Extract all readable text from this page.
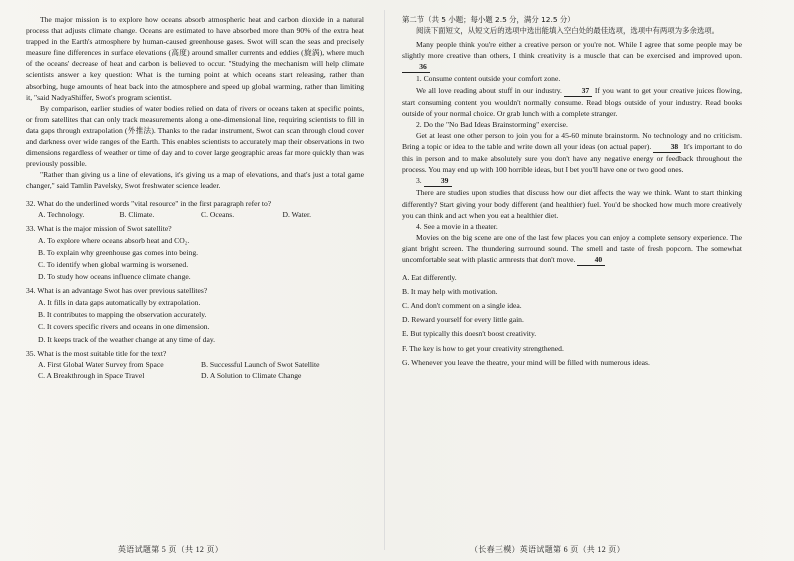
The major mission is to explore how oceans absorb atmospheric heat and carbon dioxide in a natural process that adjusts climate change. Oceans are estimated to have absorbed more than 90% of the extra heat trapped in the Earth's atmosphere by human-caused greenhouse gases. Swot will scan the seas and precisely measure fine differences in surface elevations (高度) around smaller currents and eddies (旋涡), where much of the oceans' decrease of heat and carbon is believed to occur. "Studying the mechanism will help climate scientists answer a key question: What is the turning point at which oceans start releasing, rather than absorbing, huge amounts of heat back into the atmosphere and speed up global warming, rather than limiting it, "said NadyaShiffer, Swot's program scientist.

By comparison, earlier studies of water bodies relied on data of rivers or oceans taken at specific points, or from satellites that can only track measurements along a one-dimensional line, requiring scientists to fill in data gaps through extrapolation (外推法). Thanks to the radar instrument, Swot can scan through cloud cover and darkness over wide ranges of the Earth. This enables scientists to accurately map their observations in two dimensions regardless of weather or time of day and to cover large geographic areas far more quickly than was previously possible.

"Rather than giving us a line of elevations, it's giving us a map of elevations, and that's just a total game changer," said Tamlin Pavelsky, Swot freshwater science leader.

32. What do the underlined words "vital resource" in the first paragraph refer to?

A. Technology.	B. Climate.	C. Oceans.	D. Water.

33. What is the major mission of Swot satellite?

A. To explore where oceans absorb heat and CO₂.

B. To explain why greenhouse gas comes into being.

C. To identify when global warming is worsened.

D. To study how oceans influence climate change.

34. What is an advantage Swot has over previous satellites?

A. It fills in data gaps automatically by extrapolation.

B. It contributes to mapping the observation accurately.

C. It covers specific rivers and oceans in one dimension.

D. It keeps track of the weather change at any time of day.

35. What is the most suitable title for the text?

A. First Global Water Survey from Space	B. Successful Launch of Swot Satellite
C. A Breakthrough in Space Travel	D. A Solution to Climate Change

第二节（共 5 小题；每小题 2.5 分，满分 12.5 分）

阅读下面短文，从短文后的选项中选出能填入空白处的最佳选项，选项中有两项为多余选项。

Many people think you're either a creative person or you're not. While I agree that some people may be slightly more creative than others, I think creativity is a muscle that can be exercised and improved upon. 36

1. Consume content outside your comfort zone.

We all love reading about stuff in our industry.	37 If you want to get your creative juices flowing, start consuming content you wouldn't normally consume. Read blogs outside of your industry. Read books outside of your normal choice. Or grab lunch with a complete stranger.

2. Do the "No Bad Ideas Brainstorming" exercise.

Get at least one other person to join you for a 45-60 minute brainstorm. No technology and no criticism. Bring a topic or idea to the table and write down all your ideas (on actual paper).	38 It's important to do this in person and to make absolutely sure you don't have any negative energy or feedback throughout the process. You may end up with 100 horrible ideas, but I bet you'll have one or two good ones.

3.	39

There are studies upon studies that discuss how our diet affects the way we think. Want to start thinking differently? Start giving your body different (and healthier) fuel. You'd be shocked how much more creatively you can think and act when you eat a healthier diet.

4. See a movie in a theater.

Movies on the big scene are one of the last few places you can enjoy a complete sensory experience. The giant bright screen. The thundering surround sound. The smell and taste of fresh popcorn. The somewhat uncomfortable seat with plastic armrests that don't move.	40

A. Eat differently.

B. It may help with motivation.

C. And don't comment on a single idea.

D. Reward yourself for every little gain.

E. But typically this doesn't boost creativity.

F. The key is how to get your creativity strengthened.

G. Whenever you leave the theatre, your mind will be filled with numerous ideas.

英语试题第 5 页（共 12 页）	（长春三模）英语试题第 6 页（共 12 页）
